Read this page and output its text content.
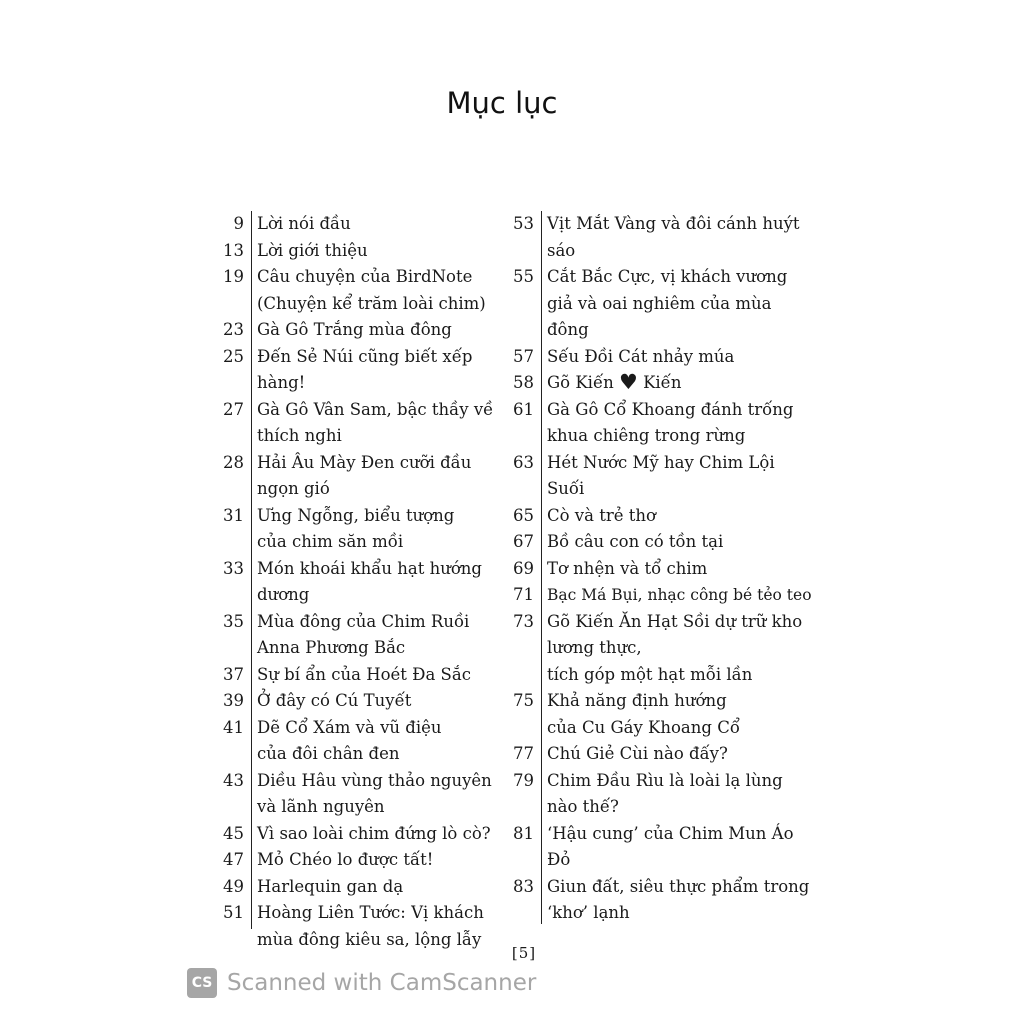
Mục lục
9 Lời nói đầu
13 Lời giới thiệu
19 Câu chuyện của BirdNote
(Chuyện kể trăm loài chim)
23 Gà Gô Trắng mùa đông
25 Đến Sẻ Núi cũng biết xếp hàng!
27 Gà Gô Vân Sam, bậc thầy về
thích nghi
28 Hải Âu Mày Đen cưỡi đầu
ngọn gió
31 Ưng Ngỗng, biểu tượng
của chim săn mồi
33 Món khoái khẩu hạt hướng
dương
35 Mùa đông của Chim Ruồi
Anna Phương Bắc
37 Sự bí ẩn của Hoét Đa Sắc
39 Ở đây có Cú Tuyết
41 Dẽ Cổ Xám và vũ điệu
của đôi chân đen
43 Diều Hâu vùng thảo nguyên
và lãnh nguyên
45 Vì sao loài chim đứng lò cò?
47 Mỏ Chéo lo được tất!
49 Harlequin gan dạ
51 Hoàng Liên Tước: Vị khách
mùa đông kiêu sa, lộng lẫy
53 Vịt Mắt Vàng và đôi cánh huýt
sáo
55 Cắt Bắc Cực, vị khách vương
giả và oai nghiêm của mùa
đông
57 Sếu Đồi Cát nhảy múa
58 Gõ Kiến ♥ Kiến
61 Gà Gô Cổ Khoang đánh trống
khua chiêng trong rừng
63 Hét Nước Mỹ hay Chim Lội
Suối
65 Cò và trẻ thơ
67 Bồ câu con có tồn tại
69 Tơ nhện và tổ chim
71 Bạc Má Bụi, nhạc công bé tẻo teo
73 Gõ Kiến Ăn Hạt Sồi dự trữ kho
lương thực,
tích góp một hạt mỗi lần
75 Khả năng định hướng
của Cu Gáy Khoang Cổ
77 Chú Giẻ Cùi nào đấy?
79 Chim Đầu Rìu là loài lạ lùng
nào thế?
81 ‘Hậu cung’ của Chim Mun Áo
Đỏ
83 Giun đất, siêu thực phẩm trong
‘khơ’ lạnh
[5]
CS Scanned with CamScanner
